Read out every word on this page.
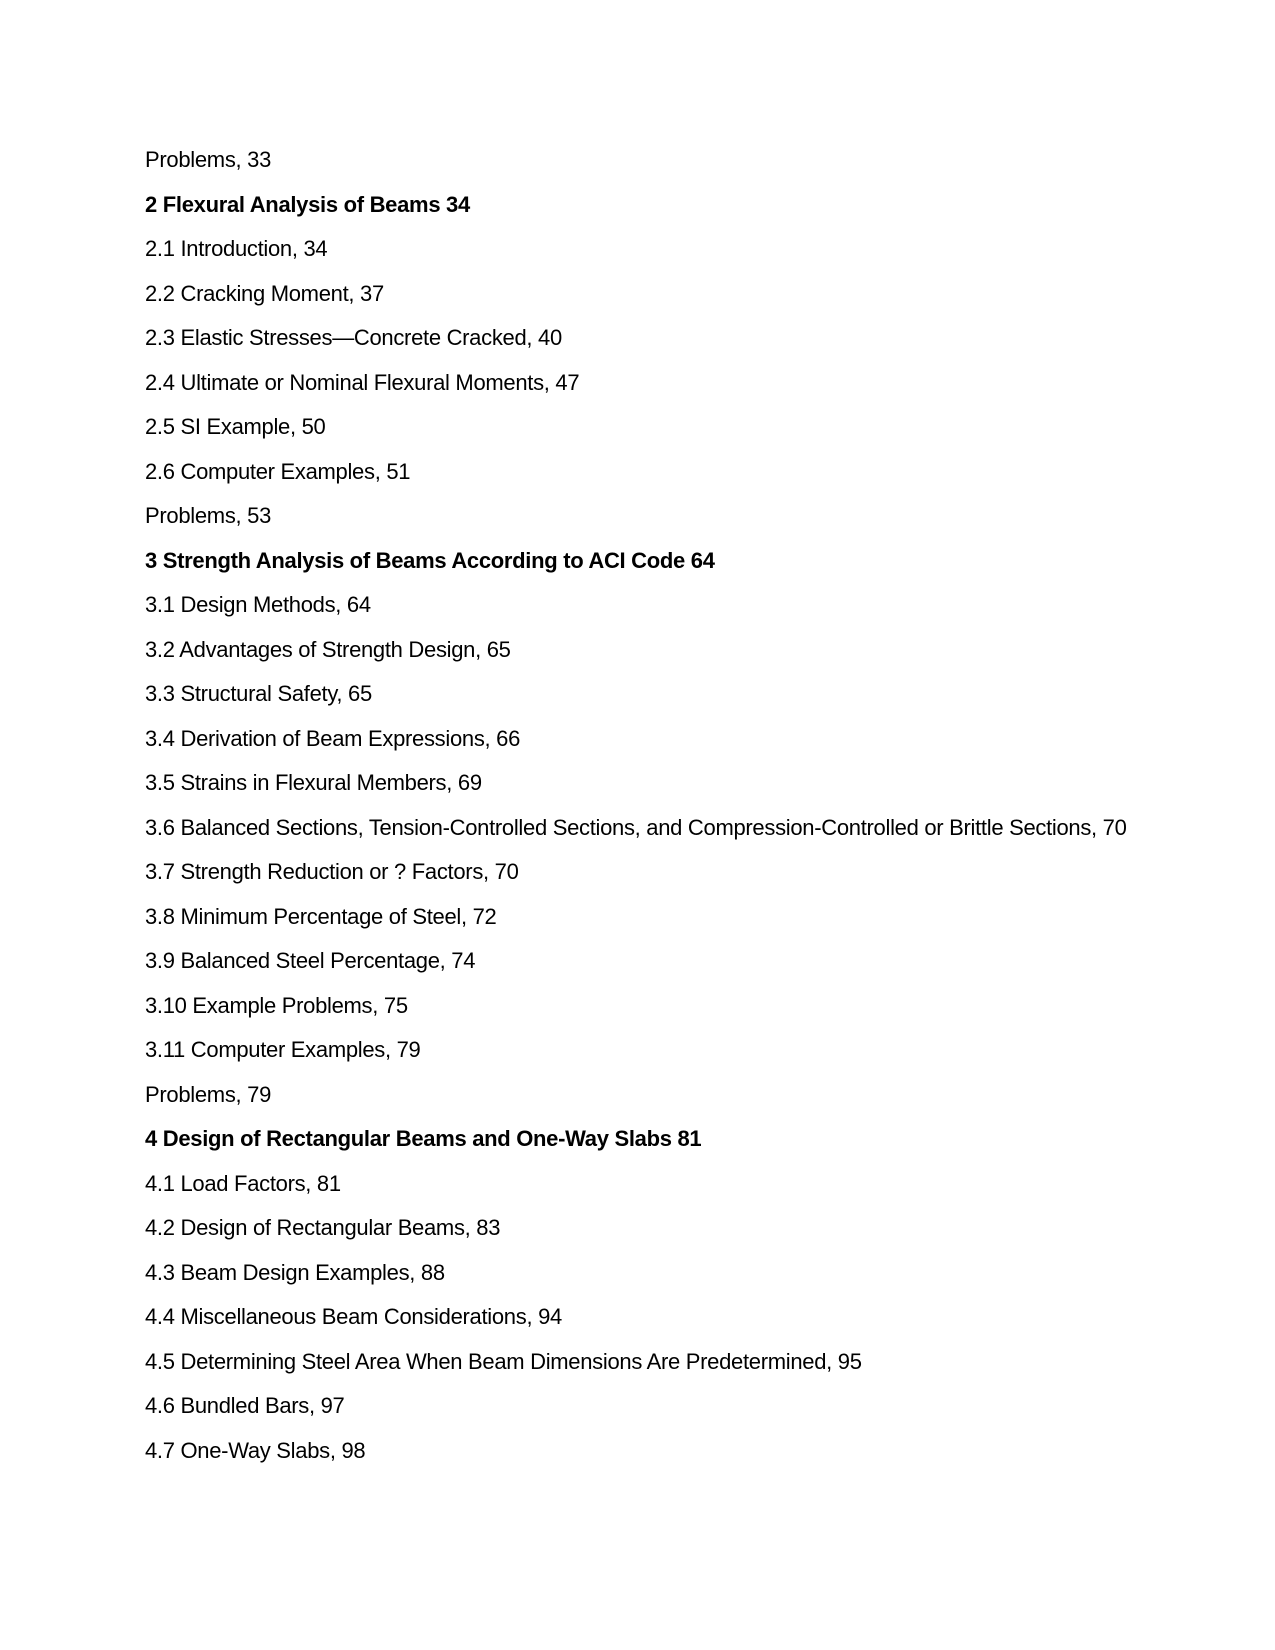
Problems, 33

2 Flexural Analysis of Beams 34

2.1 Introduction, 34

2.2 Cracking Moment, 37

2.3 Elastic Stresses—Concrete Cracked, 40

2.4 Ultimate or Nominal Flexural Moments, 47

2.5 SI Example, 50

2.6 Computer Examples, 51

Problems, 53

3 Strength Analysis of Beams According to ACI Code 64

3.1 Design Methods, 64

3.2 Advantages of Strength Design, 65

3.3 Structural Safety, 65

3.4 Derivation of Beam Expressions, 66

3.5 Strains in Flexural Members, 69

3.6 Balanced Sections, Tension-Controlled Sections, and Compression-Controlled or Brittle Sections, 70

3.7 Strength Reduction or ? Factors, 70

3.8 Minimum Percentage of Steel, 72

3.9 Balanced Steel Percentage, 74

3.10 Example Problems, 75

3.11 Computer Examples, 79

Problems, 79

4 Design of Rectangular Beams and One-Way Slabs 81

4.1 Load Factors, 81

4.2 Design of Rectangular Beams, 83

4.3 Beam Design Examples, 88

4.4 Miscellaneous Beam Considerations, 94

4.5 Determining Steel Area When Beam Dimensions Are Predetermined, 95

4.6 Bundled Bars, 97

4.7 One-Way Slabs, 98
